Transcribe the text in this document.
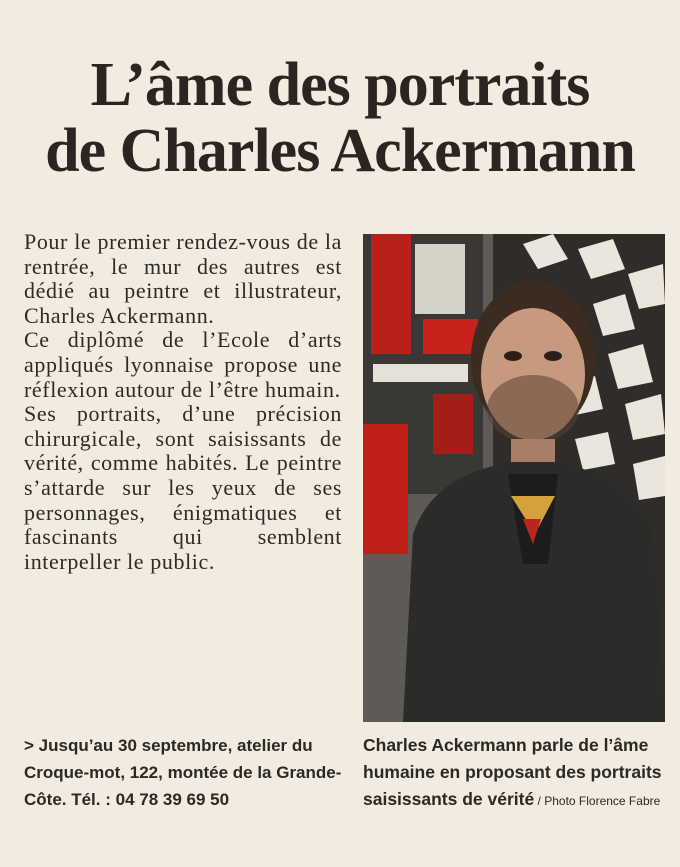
L’âme des portraits
de Charles Ackermann

Pour le premier rendez-vous de la rentrée, le mur des autres est dédié au peintre et illustrateur, Charles Ackermann.

Ce diplômé de l’Ecole d’arts appliqués lyonnaise propose une réflexion autour de l’être humain.

Ses portraits, d’une précision chirurgicale, sont saisissants de vérité, comme habités. Le peintre s’attarde sur les yeux de ses personnages, énigmatiques et fascinants qui semblent interpeller le public.

> Jusqu’au 30 septembre, atelier du Croque-mot, 122, montée de la Grande-Côte. Tél. : 04 78 39 69 50
Charles Ackermann parle de l’âme humaine en proposant des portraits saisissants de vérité / Photo Florence Fabre
